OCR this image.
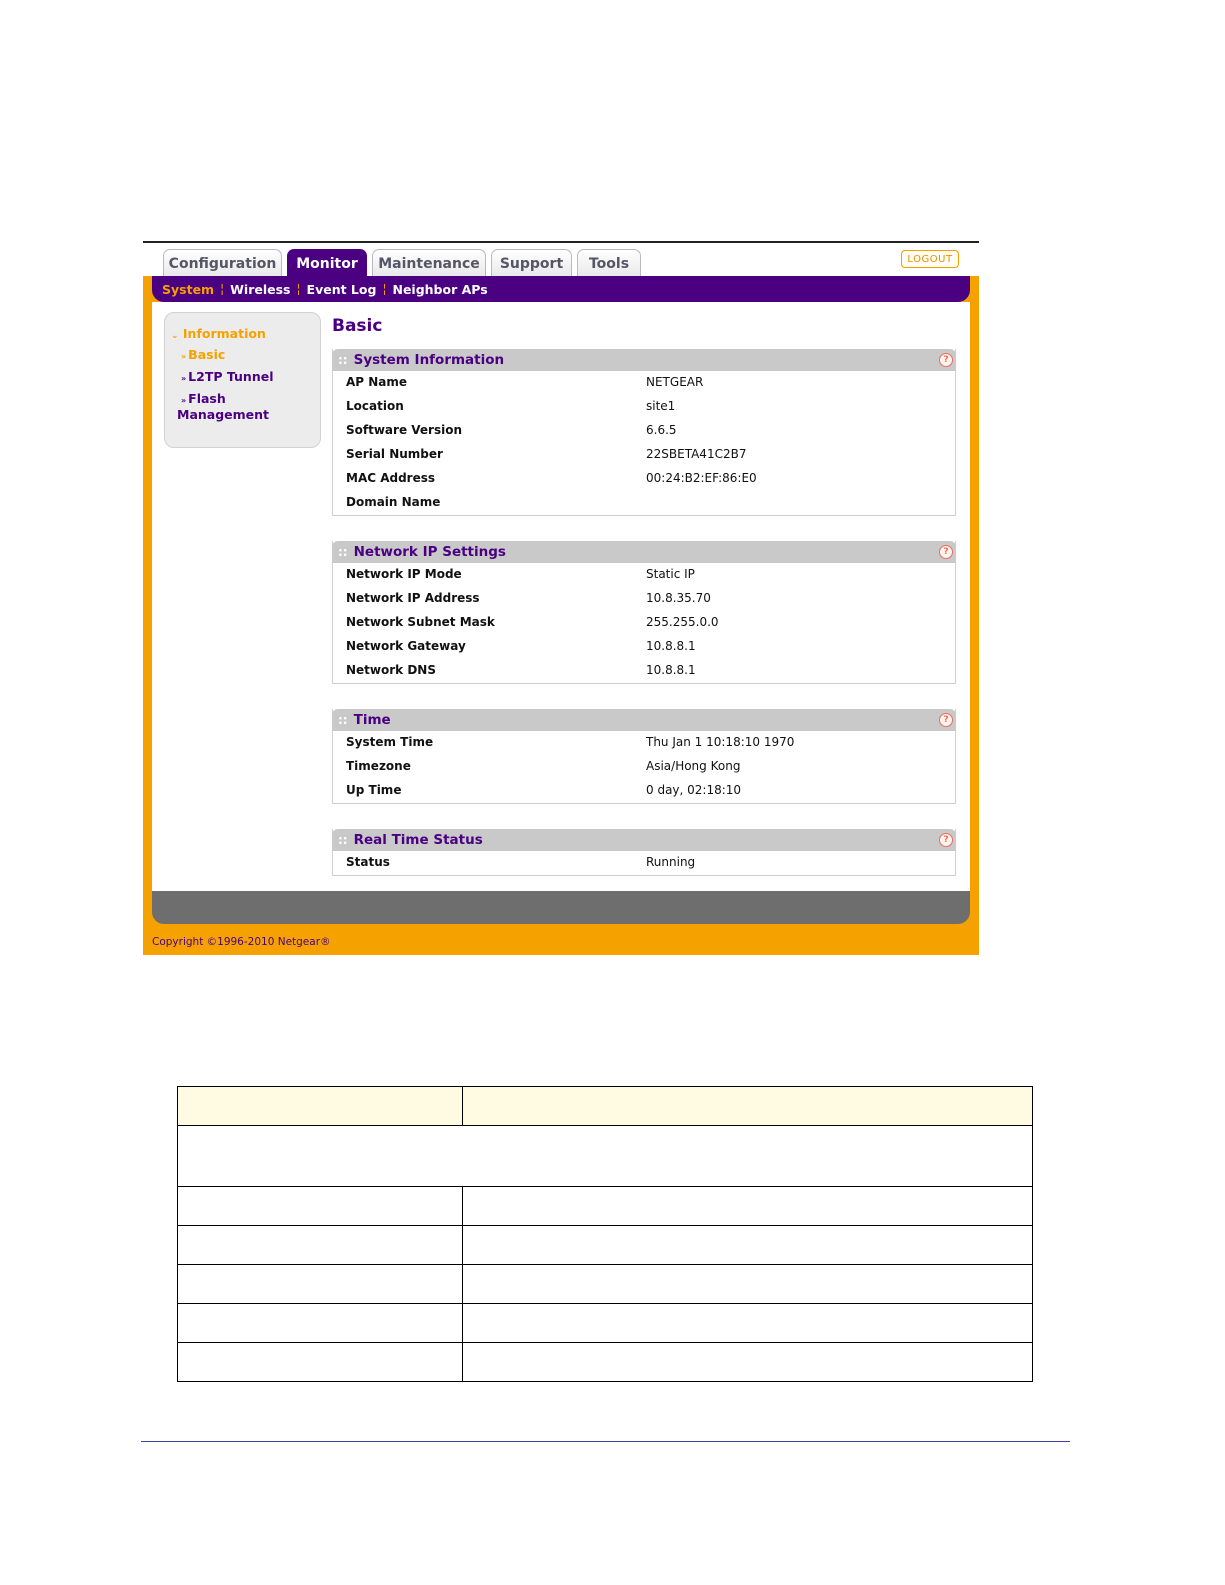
Configuration	Monitor	Maintenance	Support	Tools	LOGOUT
System ¦ Wireless ¦ Event Log ¦ Neighbor APs
⌄ Information
» Basic
» L2TP Tunnel
» Flash
Management
Basic
:: System Information	?
AP Name	NETGEAR
Location	site1
Software Version	6.6.5
Serial Number	22SBETA41C2B7
MAC Address	00:24:B2:EF:86:E0
Domain Name
:: Network IP Settings	?
Network IP Mode	Static IP
Network IP Address	10.8.35.70
Network Subnet Mask	255.255.0.0
Network Gateway	10.8.8.1
Network DNS	10.8.8.1
:: Time	?
System Time	Thu Jan 1 10:18:10 1970
Timezone	Asia/Hong Kong
Up Time	0 day, 02:18:10
:: Real Time Status	?
Status	Running
Copyright ©1996-2010 Netgear®
